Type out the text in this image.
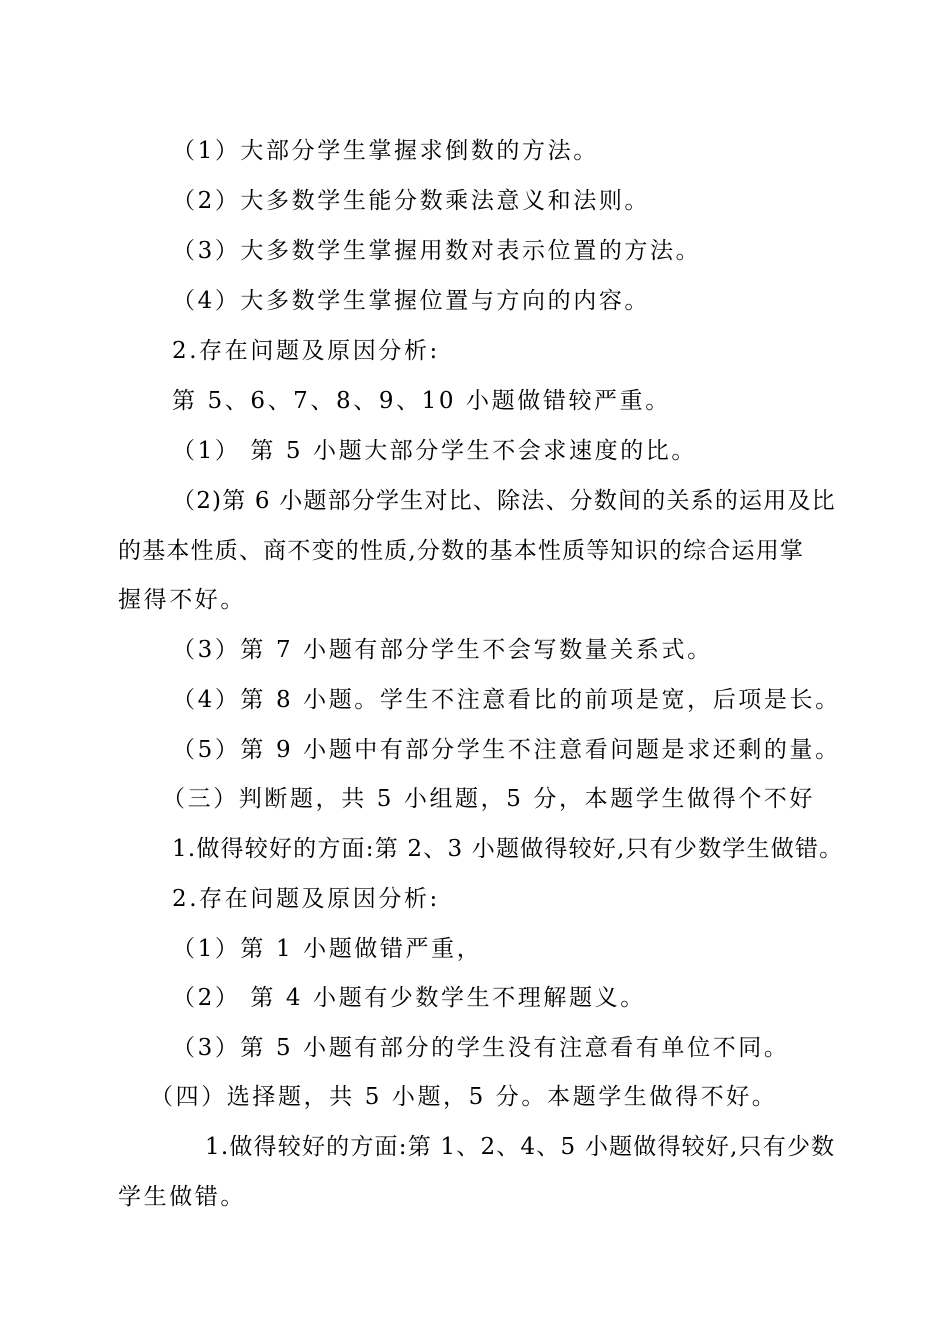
（1）大部分学生掌握求倒数的方法。
（2）大多数学生能分数乘法意义和法则。
（3）大多数学生掌握用数对表示位置的方法。
（4）大多数学生掌握位置与方向的内容。
2.存在问题及原因分析:
第 5、6、7、8、9、10 小题做错较严重。
（1） 第 5 小题大部分学生不会求速度的比。
（2)第 6 小题部分学生对比、除法、分数间的关系的运用及比
的基本性质、商不变的性质,分数的基本性质等知识的综合运用掌
握得不好。
（3）第 7 小题有部分学生不会写数量关系式。
（4）第 8 小题。学生不注意看比的前项是宽，后项是长。
（5）第 9 小题中有部分学生不注意看问题是求还剩的量。
（三）判断题，共 5 小组题，5 分，本题学生做得个不好
1.做得较好的方面:第 2、3 小题做得较好,只有少数学生做错。
2.存在问题及原因分析:
（1）第 1 小题做错严重，
（2） 第 4 小题有少数学生不理解题义。
（3）第 5 小题有部分的学生没有注意看有单位不同。
（四）选择题，共 5 小题，5 分。本题学生做得不好。
1.做得较好的方面:第 1、2、4、5 小题做得较好,只有少数
学生做错。
